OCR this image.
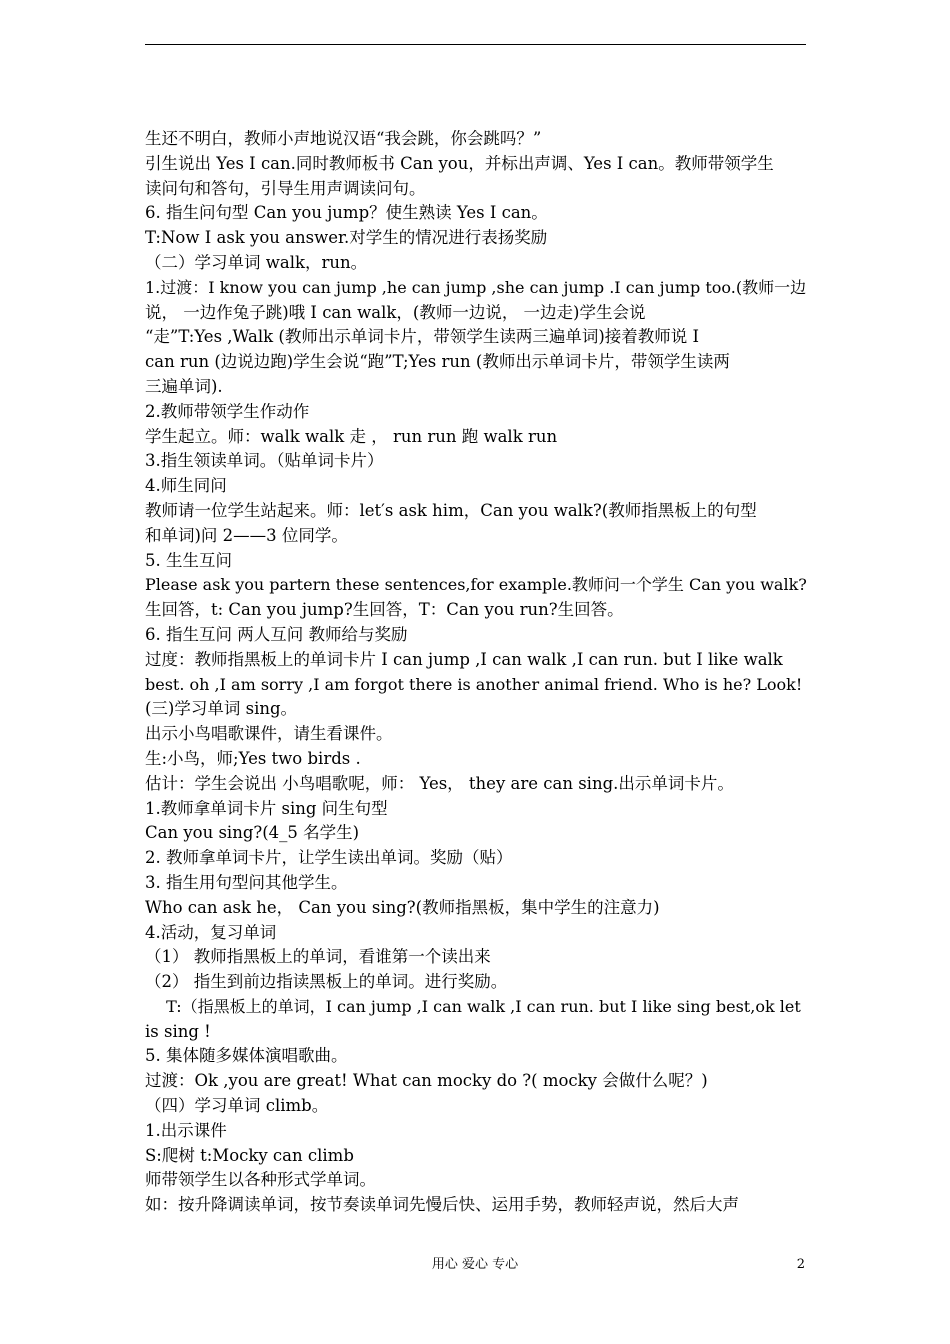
生还不明白，教师小声地说汉语“我会跳，你会跳吗？”
引生说出 Yes I can.同时教师板书 Can you，并标出声调、Yes I can。教师带领学生
读问句和答句，引导生用声调读问句。
6. 指生问句型 Can you jump？使生熟读 Yes I can。
T:Now I ask you answer.对学生的情况进行表扬奖励
（二）学习单词 walk，run。
1.过渡：I know you can jump ,he can jump ,she can jump .I can jump too.(教师一边
说， 一边作兔子跳)哦 I can walk，(教师一边说， 一边走)学生会说
“走”T:Yes ,Walk (教师出示单词卡片，带领学生读两三遍单词)接着教师说 I
can run (边说边跑)学生会说“跑”T;Yes run (教师出示单词卡片，带领学生读两
三遍单词).
2.教师带领学生作动作
学生起立。师：walk walk 走 ， run run 跑 walk run
3.指生领读单词。（贴单词卡片）
4.师生同问
教师请一位学生站起来。师：let′s ask him，Can you walk?(教师指黑板上的句型
和单词)问 2——3 位同学。
5. 生生互问
Please ask you partern these sentences,for example.教师问一个学生 Can you walk?
生回答，t: Can you jump?生回答，T：Can you run?生回答。
6. 指生互问 两人互问 教师给与奖励
过度：教师指黑板上的单词卡片 I can jump ,I can walk ,I can run. but I like walk
best. oh ,I am sorry ,I am forgot there is another animal friend. Who is he? Look!
(三)学习单词 sing。
出示小鸟唱歌课件，请生看课件。
生:小鸟，师;Yes two birds .
估计：学生会说出 小鸟唱歌呢，师： Yes， they are can sing.出示单词卡片。
1.教师拿单词卡片 sing 问生句型
Can you sing?(4_5 名学生)
2. 教师拿单词卡片，让学生读出单词。奖励（贴）
3. 指生用句型问其他学生。
Who can ask he， Can you sing?(教师指黑板，集中学生的注意力)
4.活动，复习单词
（1） 教师指黑板上的单词，看谁第一个读出来
（2） 指生到前边指读黑板上的单词。进行奖励。
　 T:（指黑板上的单词，I can jump ,I can walk ,I can run. but I like sing best,ok let
is sing !
5. 集体随多媒体演唱歌曲。
过渡：Ok ,you are great! What can mocky do ?( mocky 会做什么呢？)
（四）学习单词 climb。
1.出示课件
S:爬树 t:Mocky can climb
师带领学生以各种形式学单词。
如：按升降调读单词，按节奏读单词先慢后快、运用手势，教师轻声说，然后大声
用心 爱心 专心	2
